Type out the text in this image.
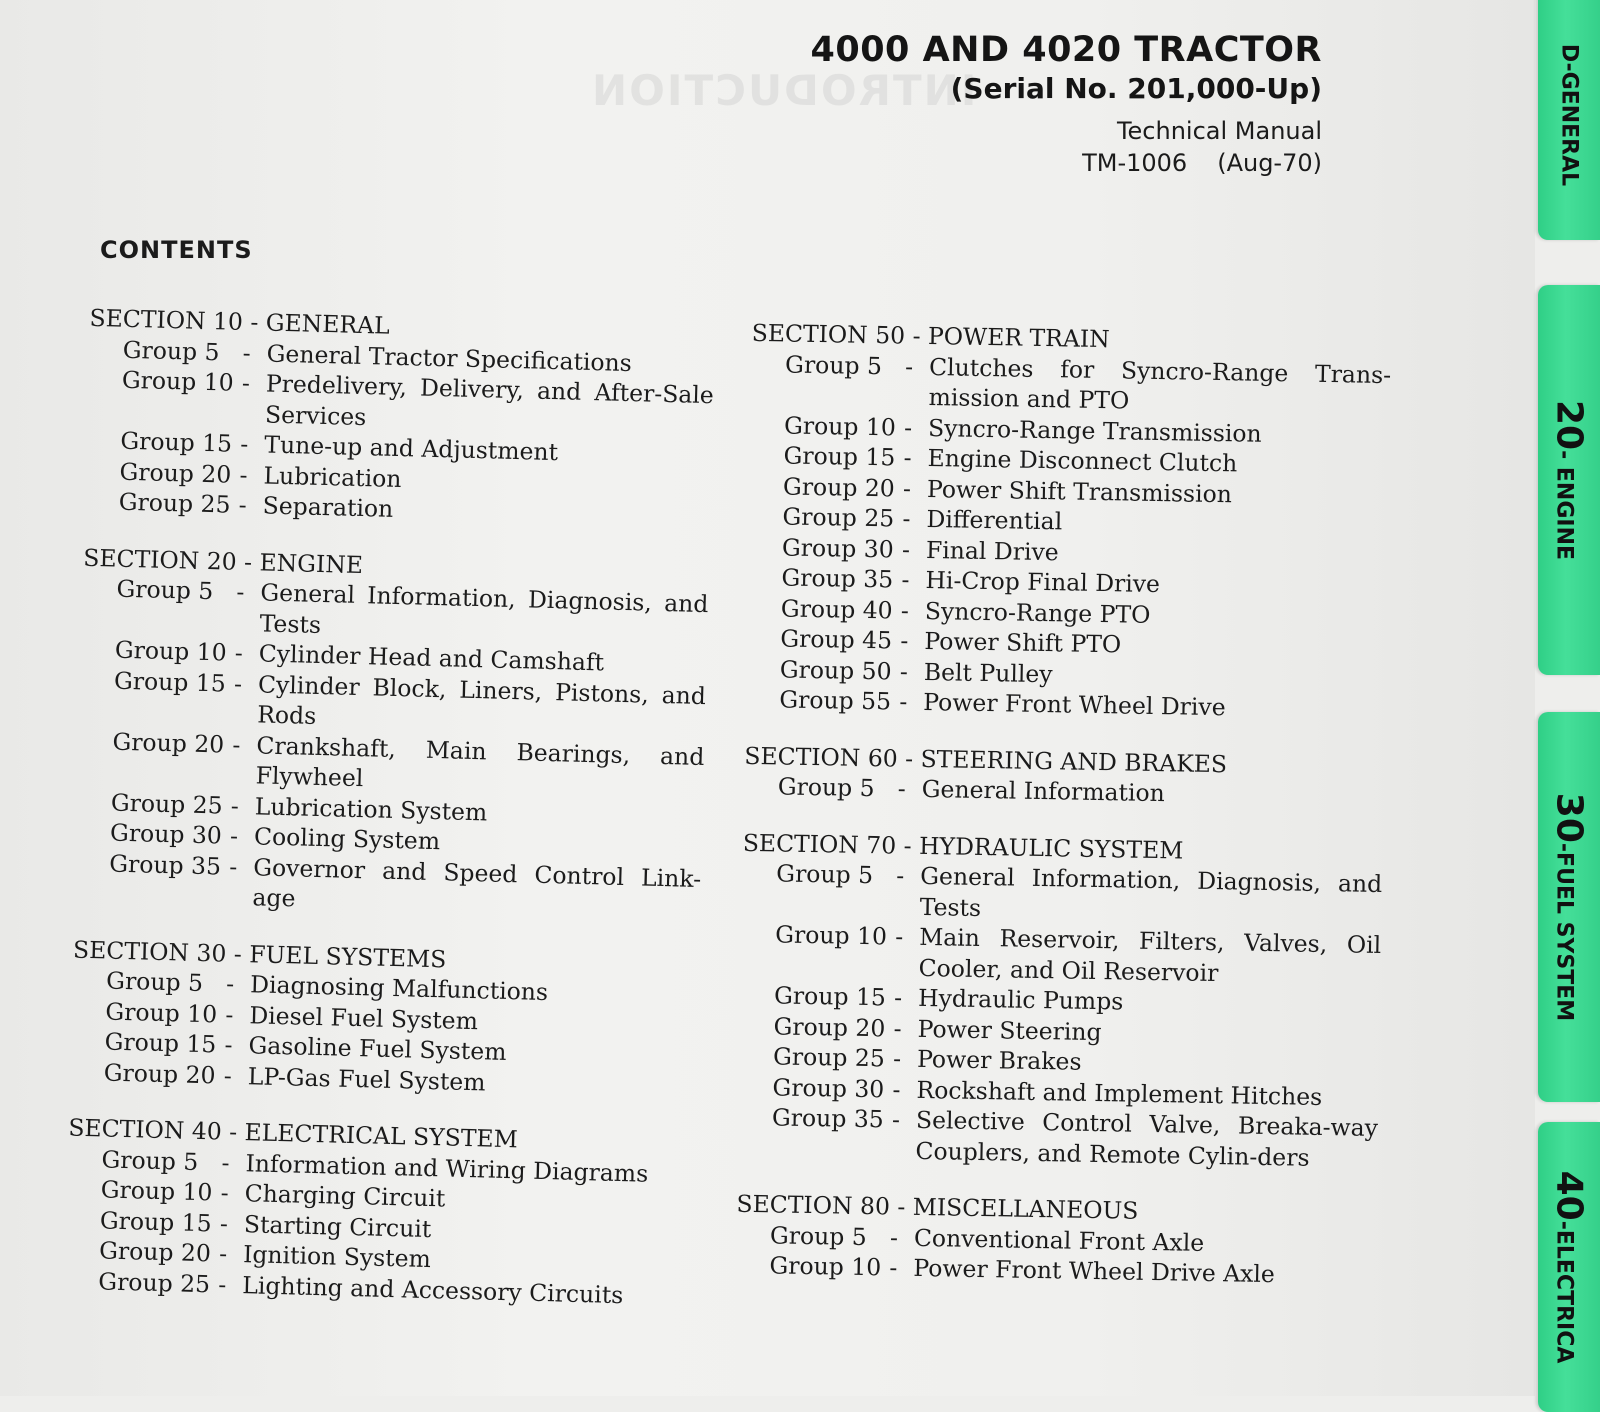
INTRODUCTION
4000 AND 4020 TRACTOR
(Serial No. 201,000-Up)
Technical Manual
TM-1006 (Aug-70)
CONTENTS
SECTION 10 - GENERAL
Group 5 - General Tractor Specifications
Group 10 - Predelivery, Delivery, and After-Sale Services
Group 15 - Tune-up and Adjustment
Group 20 - Lubrication
Group 25 - Separation
SECTION 20 - ENGINE
Group 5 - General Information, Diagnosis, and Tests
Group 10 - Cylinder Head and Camshaft
Group 15 - Cylinder Block, Liners, Pistons, and Rods
Group 20 - Crankshaft, Main Bearings, and Flywheel
Group 25 - Lubrication System
Group 30 - Cooling System
Group 35 - Governor and Speed Control Link-age
SECTION 30 - FUEL SYSTEMS
Group 5 - Diagnosing Malfunctions
Group 10 - Diesel Fuel System
Group 15 - Gasoline Fuel System
Group 20 - LP-Gas Fuel System
SECTION 40 - ELECTRICAL SYSTEM
Group 5 - Information and Wiring Diagrams
Group 10 - Charging Circuit
Group 15 - Starting Circuit
Group 20 - Ignition System
Group 25 - Lighting and Accessory Circuits
SECTION 50 - POWER TRAIN
Group 5 - Clutches for Syncro-Range Trans-mission and PTO
Group 10 - Syncro-Range Transmission
Group 15 - Engine Disconnect Clutch
Group 20 - Power Shift Transmission
Group 25 - Differential
Group 30 - Final Drive
Group 35 - Hi-Crop Final Drive
Group 40 - Syncro-Range PTO
Group 45 - Power Shift PTO
Group 50 - Belt Pulley
Group 55 - Power Front Wheel Drive
SECTION 60 - STEERING AND BRAKES
Group 5 - General Information
SECTION 70 - HYDRAULIC SYSTEM
Group 5 - General Information, Diagnosis, and Tests
Group 10 - Main Reservoir, Filters, Valves, Oil Cooler, and Oil Reservoir
Group 15 - Hydraulic Pumps
Group 20 - Power Steering
Group 25 - Power Brakes
Group 30 - Rockshaft and Implement Hitches
Group 35 - Selective Control Valve, Breaka-way Couplers, and Remote Cylin-ders
SECTION 80 - MISCELLANEOUS
Group 5 - Conventional Front Axle
Group 10 - Power Front Wheel Drive Axle
D-GENERAL
20- ENGINE
30-FUEL SYSTEM
40-ELECTRICA
